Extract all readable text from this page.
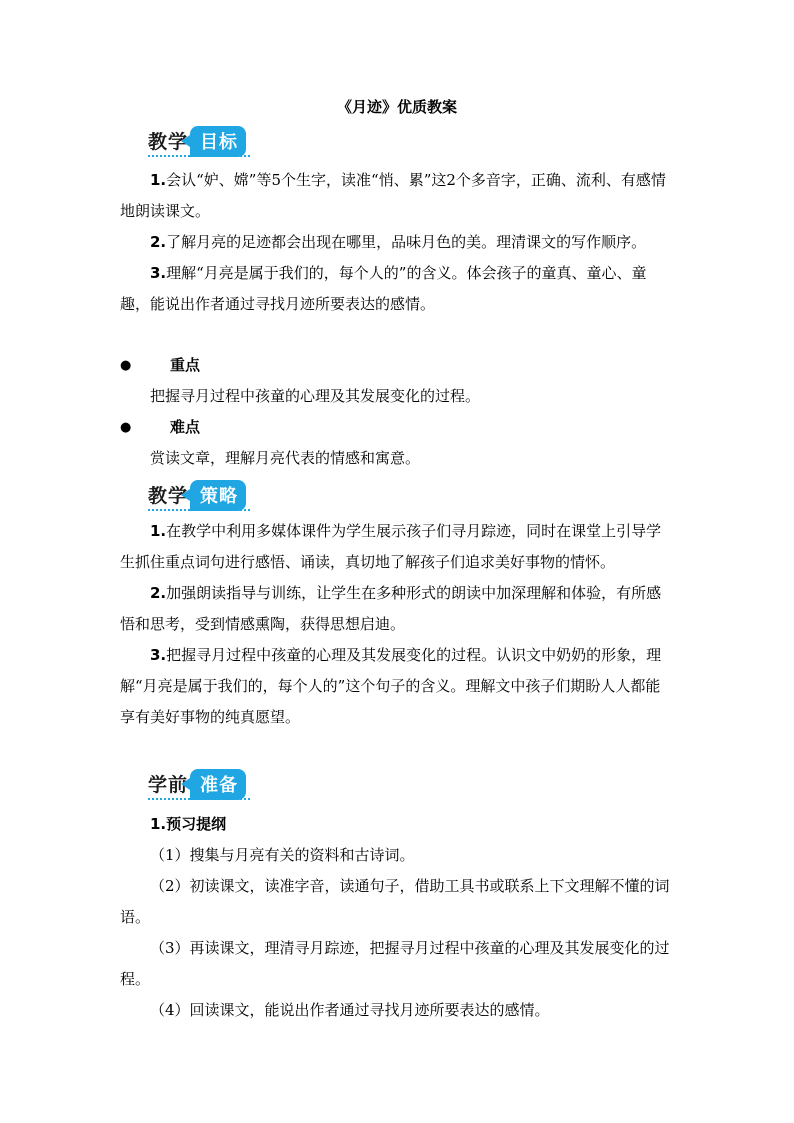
《月迹》优质教案
教学 目标

1.会认“妒、嫦”等5个生字，读准“悄、累”这2个多音字，正确、流利、有感情地朗读课文。

2.了解月亮的足迹都会出现在哪里，品味月色的美。理清课文的写作顺序。

3.理解“月亮是属于我们的，每个人的”的含义。体会孩子的童真、童心、童趣，能说出作者通过寻找月迹所要表达的感情。

●	重点

把握寻月过程中孩童的心理及其发展变化的过程。

●	难点

赏读文章，理解月亮代表的情感和寓意。

教学 策略

1.在教学中利用多媒体课件为学生展示孩子们寻月踪迹，同时在课堂上引导学生抓住重点词句进行感悟、诵读，真切地了解孩子们追求美好事物的情怀。

2.加强朗读指导与训练，让学生在多种形式的朗读中加深理解和体验，有所感悟和思考，受到情感熏陶，获得思想启迪。

3.把握寻月过程中孩童的心理及其发展变化的过程。认识文中奶奶的形象，理解“月亮是属于我们的，每个人的”这个句子的含义。理解文中孩子们期盼人人都能享有美好事物的纯真愿望。

学前 准备

1.预习提纲

（1）搜集与月亮有关的资料和古诗词。

（2）初读课文，读准字音，读通句子，借助工具书或联系上下文理解不懂的词语。

（3）再读课文，理清寻月踪迹，把握寻月过程中孩童的心理及其发展变化的过程。

（4）回读课文，能说出作者通过寻找月迹所要表达的感情。
